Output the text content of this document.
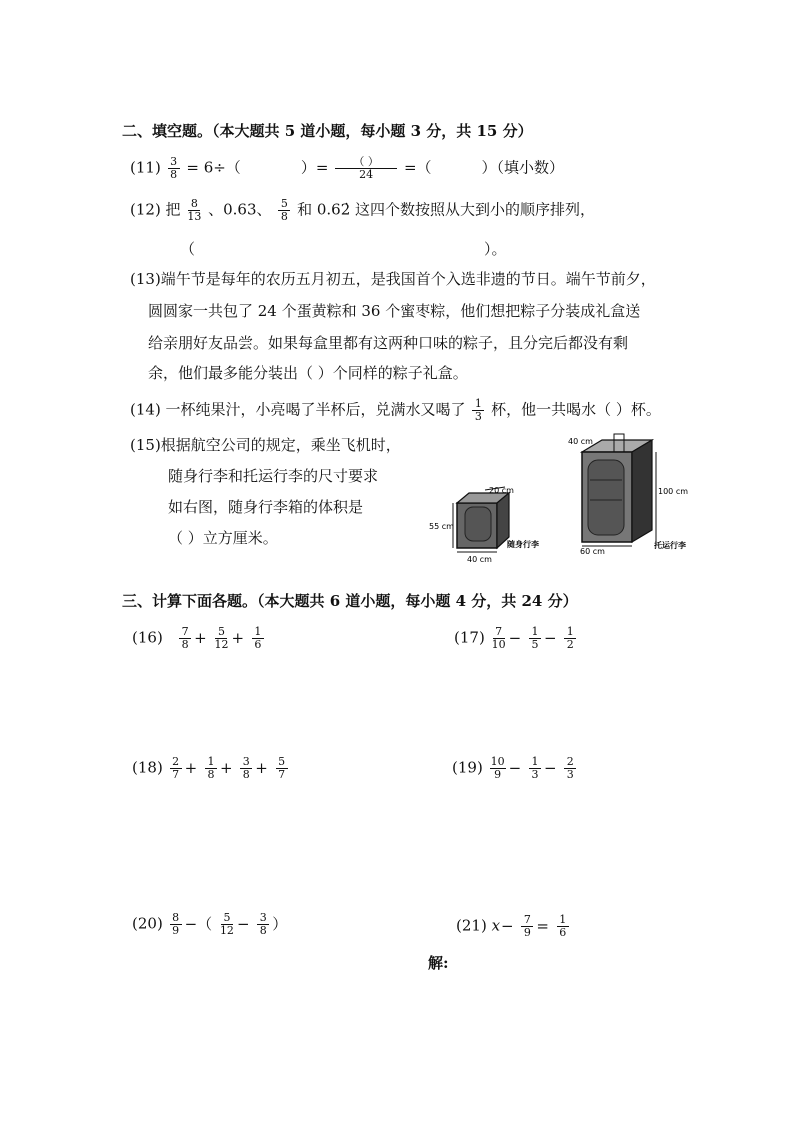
二、填空题。（本大题共 5 道小题，每小题 3 分，共 15 分）
$(11) \frac{3}{8} = 6\div$（	）= $\frac{( )}{24}$ =（	）（填小数）
(12) 把 $\frac{8}{13}$ 、0.63、 $\frac{5}{8}$ 和 0.62̇ 这四个数按照从大到小的顺序排列，
（	）。
(13)端午节是每年的农历五月初五，是我国首个入选非遗的节日。端午节前夕，
圆圆家一共包了 24 个蛋黄粽和 36 个蜜枣粽，他们想把粽子分装成礼盒送
给亲朋好友品尝。如果每盒里都有这两种口味的粽子，且分完后都没有剩
余，他们最多能分装出（ ）个同样的粽子礼盒。
(14) 一杯纯果汁，小亮喝了半杯后，兑满水又喝了 $\frac{1}{3}$ 杯，他一共喝水（ ）杯。
(15)根据航空公司的规定，乘坐飞机时，
随身行李和托运行李的尺寸要求
如右图，随身行李箱的体积是
（ ）立方厘米。
55 cm
20 cm
40 cm
随身行李
40 cm
100 cm
60 cm
托运行李
三、计算下面各题。（本大题共 6 道小题，每小题 4 分，共 24 分）
$(16) \frac{7}{8} + \frac{5}{12} + \frac{1}{6}$	$(17) \frac{7}{10} - \frac{1}{5} - \frac{1}{2}$
$(18) \frac{2}{7} + \frac{1}{8} + \frac{3}{8} + \frac{5}{7}$	$(19) \frac{10}{9} - \frac{1}{3} - \frac{2}{3}$
$(20) \frac{8}{9}$ −（ $\frac{5}{12} - \frac{3}{8}$ ）	(21) $x- \frac{7}{9} = \frac{1}{6}$
解:
